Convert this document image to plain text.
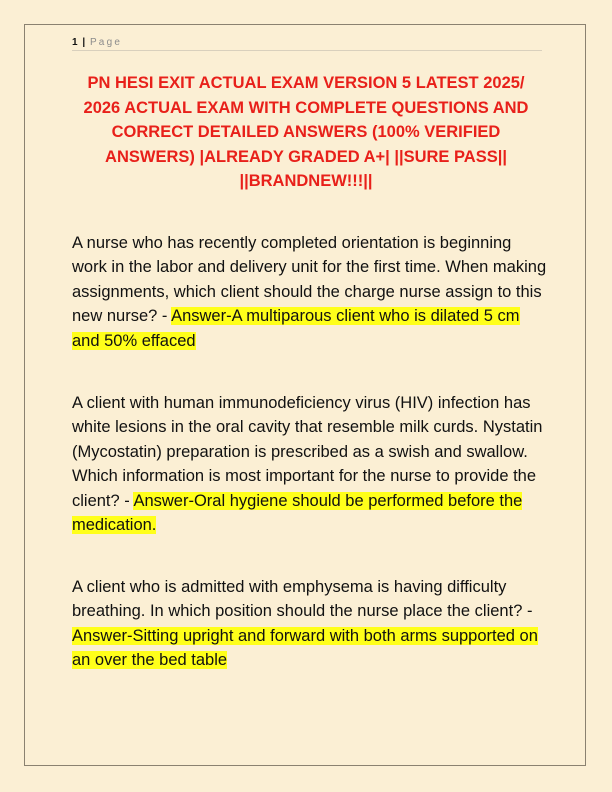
1 | Page
PN HESI EXIT ACTUAL EXAM VERSION 5 LATEST 2025/ 2026 ACTUAL EXAM WITH COMPLETE QUESTIONS AND CORRECT DETAILED ANSWERS (100% VERIFIED ANSWERS) |ALREADY GRADED A+| ||SURE PASS|| ||BRANDNEW!!!||
A nurse who has recently completed orientation is beginning work in the labor and delivery unit for the first time. When making assignments, which client should the charge nurse assign to this new nurse? - Answer-A multiparous client who is dilated 5 cm and 50% effaced
A client with human immunodeficiency virus (HIV) infection has white lesions in the oral cavity that resemble milk curds. Nystatin (Mycostatin) preparation is prescribed as a swish and swallow. Which information is most important for the nurse to provide the client? - Answer-Oral hygiene should be performed before the medication.
A client who is admitted with emphysema is having difficulty breathing. In which position should the nurse place the client? - Answer-Sitting upright and forward with both arms supported on an over the bed table
